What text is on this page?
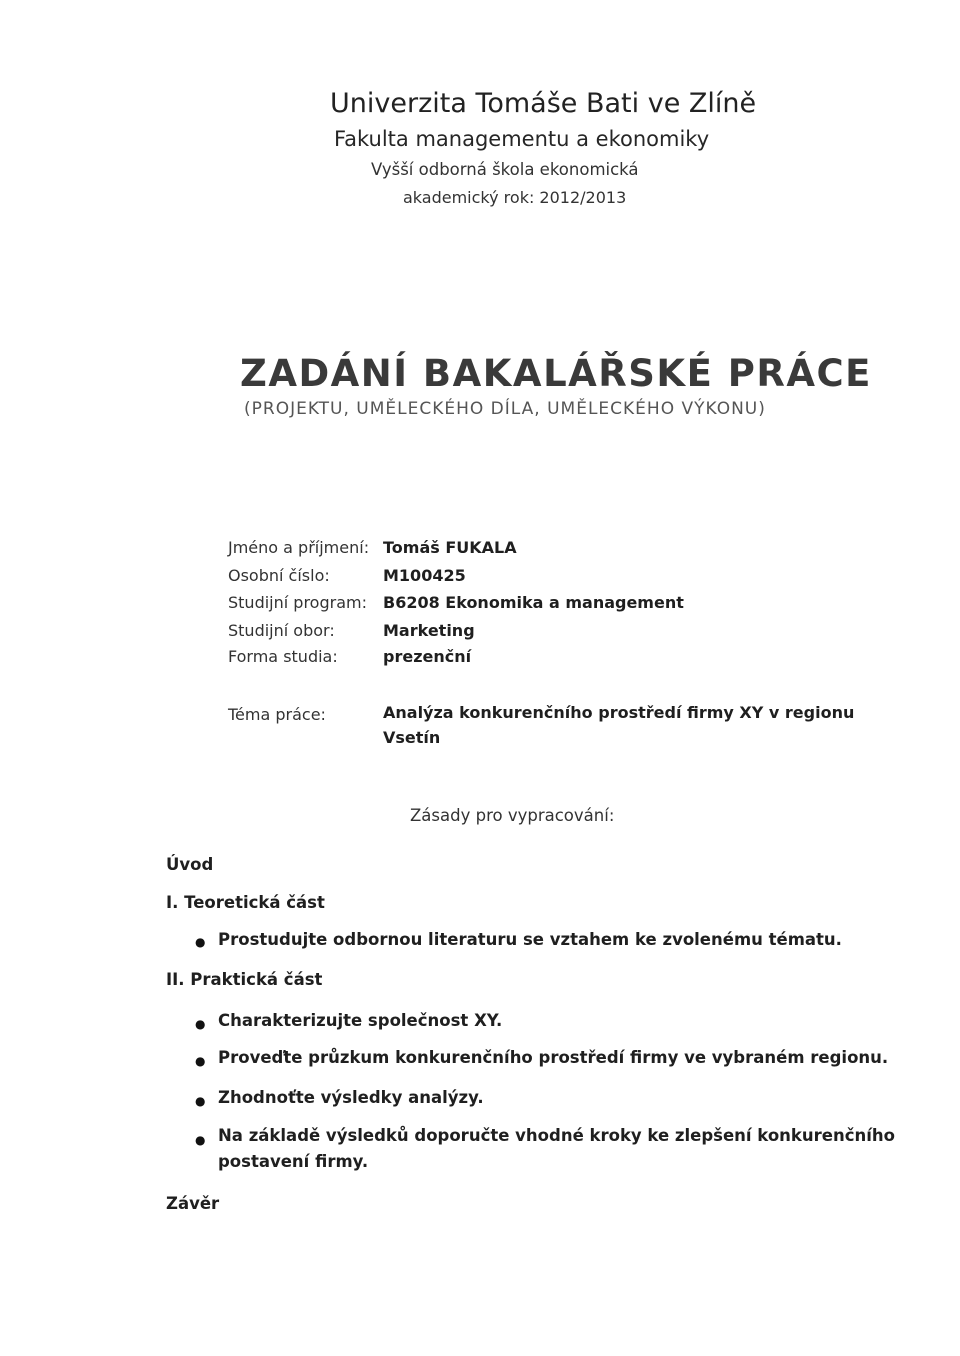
Univerzita Tomáše Bati ve Zlíně
Fakulta managementu a ekonomiky
Vyšší odborná škola ekonomická
akademický rok: 2012/2013
ZADÁNÍ BAKALÁŘSKÉ PRÁCE
(PROJEKTU, UMĚLECKÉHO DÍLA, UMĚLECKÉHO VÝKONU)
Jméno a příjmení: Tomáš FUKALA
Osobní číslo:	M100425
Studijní program: B6208 Ekonomika a management
Studijní obor:	Marketing
Forma studia:	prezenční
Téma práce:	Analýza konkurenčního prostředí firmy XY v regionu
Vsetín
Zásady pro vypracování:
Úvod
I. Teoretická část
● Prostudujte odbornou literaturu se vztahem ke zvolenému tématu.
II. Praktická část
● Charakterizujte společnost XY.
● Proveďte průzkum konkurenčního prostředí firmy ve vybraném regionu.
● Zhodnoťte výsledky analýzy.
● Na základě výsledků doporučte vhodné kroky ke zlepšení konkurenčního
postavení firmy.
Závěr
